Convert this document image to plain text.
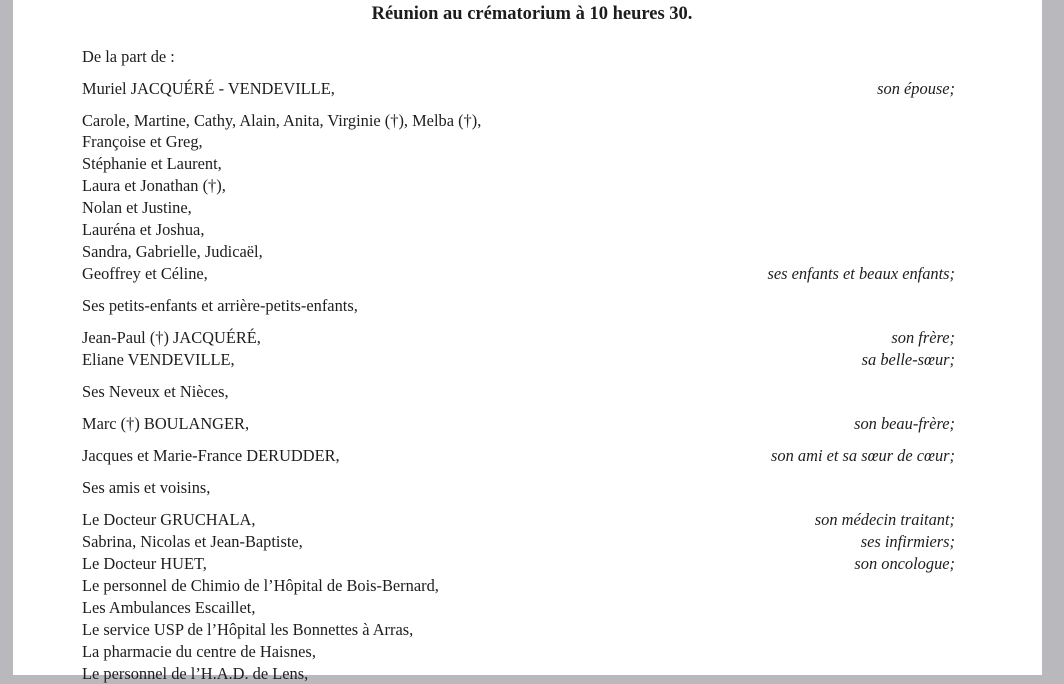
Réunion au crématorium à 10 heures 30.
De la part de :
Muriel JACQUÉRÉ - VENDEVILLE,	son épouse;
Carole, Martine, Cathy, Alain, Anita, Virginie (†), Melba (†),
Françoise et Greg,
Stéphanie et Laurent,
Laura et Jonathan (†),
Nolan et Justine,
Lauréna et Joshua,
Sandra, Gabrielle, Judicaël,
Geoffrey et Céline,	ses enfants et beaux enfants;
Ses petits-enfants et arrière-petits-enfants,
Jean-Paul (†) JACQUÉRÉ,	son frère;
Eliane VENDEVILLE,	sa belle-sœur;
Ses Neveux et Nièces,
Marc (†) BOULANGER,	son beau-frère;
Jacques et Marie-France DERUDDER,	son ami et sa sœur de cœur;
Ses amis et voisins,
Le Docteur GRUCHALA,	son médecin traitant;
Sabrina, Nicolas et Jean-Baptiste,	ses infirmiers;
Le Docteur HUET,	son oncologue;
Le personnel de Chimio de l’Hôpital de Bois-Bernard,
Les Ambulances Escaillet,
Le service USP de l’Hôpital les Bonnettes à Arras,
La pharmacie du centre de Haisnes,
Le personnel de l’H.A.D. de Lens,
